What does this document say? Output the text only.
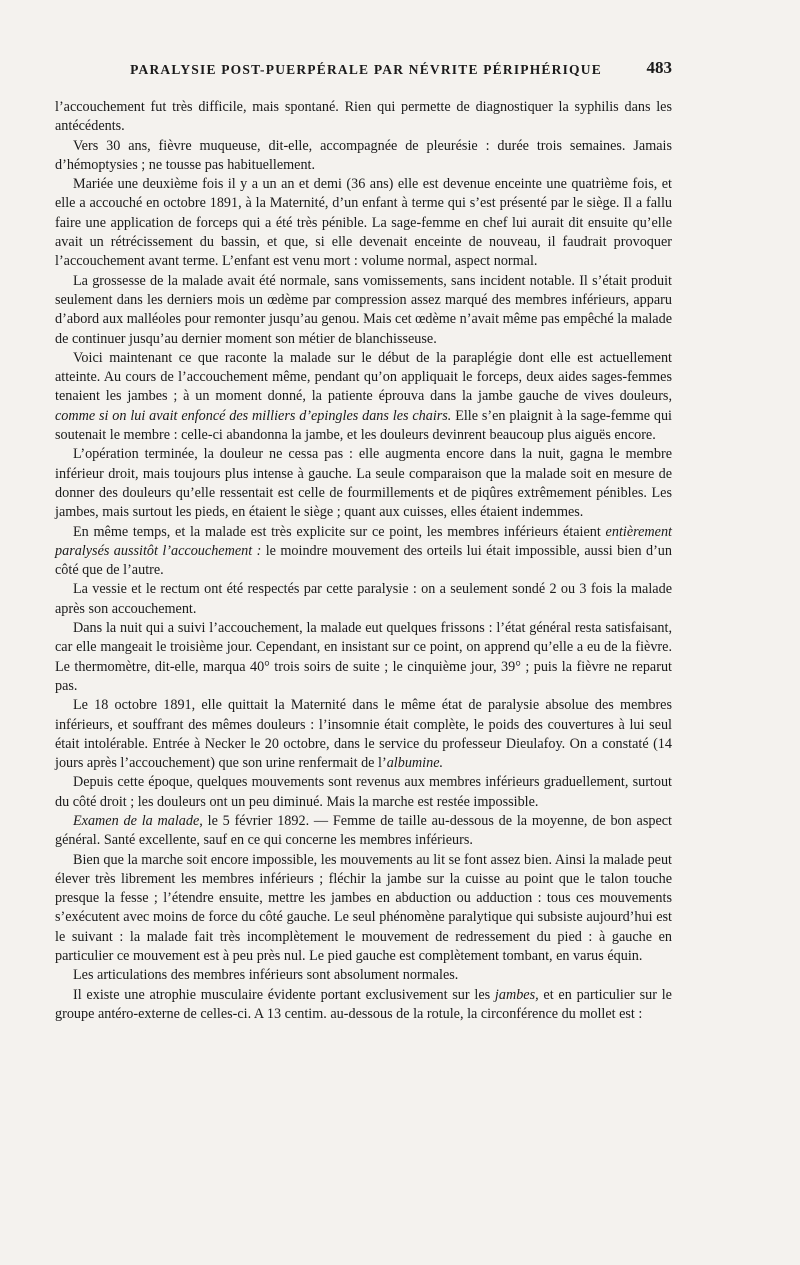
PARALYSIE POST-PUERPÉRALE PAR NÉVRITE PÉRIPHÉRIQUE	483

l’accouchement fut très difficile, mais spontané. Rien qui permette de diagnostiquer la syphilis dans les antécédents.

Vers 30 ans, fièvre muqueuse, dit-elle, accompagnée de pleurésie : durée trois semaines. Jamais d’hémoptysies ; ne tousse pas habituellement.

Mariée une deuxième fois il y a un an et demi (36 ans) elle est devenue enceinte une quatrième fois, et elle a accouché en octobre 1891, à la Maternité, d’un enfant à terme qui s’est présenté par le siège. Il a fallu faire une application de forceps qui a été très pénible. La sage-femme en chef lui aurait dit ensuite qu’elle avait un rétrécissement du bassin, et que, si elle devenait enceinte de nouveau, il faudrait provoquer l’accouchement avant terme. L’enfant est venu mort : volume normal, aspect normal.

La grossesse de la malade avait été normale, sans vomissements, sans incident notable. Il s’était produit seulement dans les derniers mois un œdème par compression assez marqué des membres inférieurs, apparu d’abord aux malléoles pour remonter jusqu’au genou. Mais cet œdème n’avait même pas empêché la malade de continuer jusqu’au dernier moment son métier de blanchisseuse.

Voici maintenant ce que raconte la malade sur le début de la paraplégie dont elle est actuellement atteinte. Au cours de l’accouchement même, pendant qu’on appliquait le forceps, deux aides sages-femmes tenaient les jambes ; à un moment donné, la patiente éprouva dans la jambe gauche de vives douleurs, comme si on lui avait enfoncé des milliers d’epingles dans les chairs. Elle s’en plaignit à la sage-femme qui soutenait le membre : celle-ci abandonna la jambe, et les douleurs devinrent beaucoup plus aiguës encore.

L’opération terminée, la douleur ne cessa pas : elle augmenta encore dans la nuit, gagna le membre inférieur droit, mais toujours plus intense à gauche. La seule comparaison que la malade soit en mesure de donner des douleurs qu’elle ressentait est celle de fourmillements et de piqûres extrêmement pénibles. Les jambes, mais surtout les pieds, en étaient le siège ; quant aux cuisses, elles étaient indemmes.

En même temps, et la malade est très explicite sur ce point, les membres inférieurs étaient entièrement paralysés aussitôt l’accouchement : le moindre mouvement des orteils lui était impossible, aussi bien d’un côté que de l’autre.

La vessie et le rectum ont été respectés par cette paralysie : on a seulement sondé 2 ou 3 fois la malade après son accouchement.

Dans la nuit qui a suivi l’accouchement, la malade eut quelques frissons : l’état général resta satisfaisant, car elle mangeait le troisième jour. Cependant, en insistant sur ce point, on apprend qu’elle a eu de la fièvre. Le thermomètre, dit-elle, marqua 40° trois soirs de suite ; le cinquième jour, 39° ; puis la fièvre ne reparut pas.

Le 18 octobre 1891, elle quittait la Maternité dans le même état de paralysie absolue des membres inférieurs, et souffrant des mêmes douleurs : l’insomnie était complète, le poids des couvertures à lui seul était intolérable. Entrée à Necker le 20 octobre, dans le service du professeur Dieulafoy. On a constaté (14 jours après l’accouchement) que son urine renfermait de l’albumine.

Depuis cette époque, quelques mouvements sont revenus aux membres inférieurs graduellement, surtout du côté droit ; les douleurs ont un peu diminué. Mais la marche est restée impossible.

Examen de la malade, le 5 février 1892. — Femme de taille au-dessous de la moyenne, de bon aspect général. Santé excellente, sauf en ce qui concerne les membres inférieurs.

Bien que la marche soit encore impossible, les mouvements au lit se font assez bien. Ainsi la malade peut élever très librement les membres inférieurs ; fléchir la jambe sur la cuisse au point que le talon touche presque la fesse ; l’étendre ensuite, mettre les jambes en abduction ou adduction : tous ces mouvements s’exécutent avec moins de force du côté gauche. Le seul phénomène paralytique qui subsiste aujourd’hui est le suivant : la malade fait très incomplètement le mouvement de redressement du pied : à gauche en particulier ce mouvement est à peu près nul. Le pied gauche est complètement tombant, en varus équin.

Les articulations des membres inférieurs sont absolument normales.

Il existe une atrophie musculaire évidente portant exclusivement sur les jambes, et en particulier sur le groupe antéro-externe de celles-ci. A 13 centim. au-dessous de la rotule, la circonférence du mollet est :
